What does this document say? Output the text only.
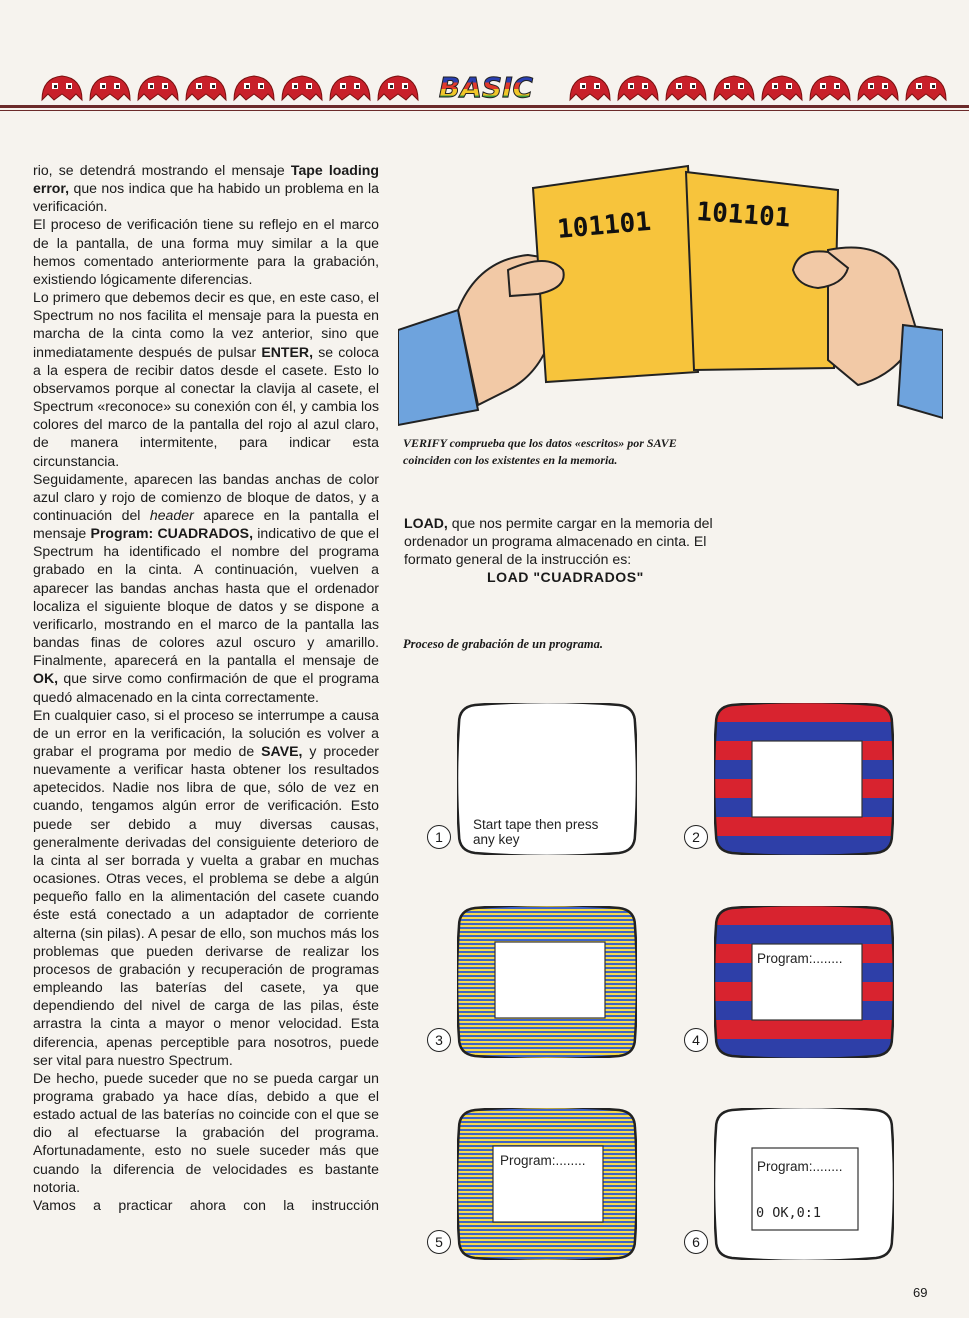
BASIC

rio, se detendrá mostrando el mensaje Tape loading error, que nos indica que ha habido un problema en la verificación.

El proceso de verificación tiene su reflejo en el marco de la pantalla, de una forma muy similar a la que hemos comentado anteriormente para la grabación, existiendo lógicamente diferencias.

Lo primero que debemos decir es que, en este caso, el Spectrum no nos facilita el mensaje para la puesta en marcha de la cinta como la vez anterior, sino que inmediatamente después de pulsar ENTER, se coloca a la espera de recibir datos desde el casete. Esto lo observamos porque al conectar la clavija al casete, el Spectrum «reconoce» su conexión con él, y cambia los colores del marco de la pantalla del rojo al azul claro, de manera intermitente, para indicar esta circunstancia.

Seguidamente, aparecen las bandas anchas de color azul claro y rojo de comienzo de bloque de datos, y a continuación del header aparece en la pantalla el mensaje Program: CUADRADOS, indicativo de que el Spectrum ha identificado el nombre del programa grabado en la cinta. A continuación, vuelven a aparecer las bandas anchas hasta que el ordenador localiza el siguiente bloque de datos y se dispone a verificarlo, mostrando en el marco de la pantalla las bandas finas de colores azul oscuro y amarillo. Finalmente, aparecerá en la pantalla el mensaje de OK, que sirve como confirmación de que el programa quedó almacenado en la cinta correctamente.

En cualquier caso, si el proceso se interrumpe a causa de un error en la verificación, la solución es volver a grabar el programa por medio de SAVE, y proceder nuevamente a verificar hasta obtener los resultados apetecidos. Nadie nos libra de que, sólo de vez en cuando, tengamos algún error de verificación. Esto puede ser debido a muy diversas causas, generalmente derivadas del consiguiente deterioro de la cinta al ser borrada y vuelta a grabar en muchas ocasiones. Otras veces, el problema se debe a algún pequeño fallo en la alimentación del casete cuando éste está conectado a un adaptador de corriente alterna (sin pilas). A pesar de ello, son muchos más los problemas que pueden derivarse de realizar los procesos de grabación y recuperación de programas empleando las baterías del casete, ya que dependiendo del nivel de carga de las pilas, éste arrastra la cinta a mayor o menor velocidad. Esta diferencia, apenas perceptible para nosotros, puede ser vital para nuestro Spectrum.

De hecho, puede suceder que no se pueda cargar un programa grabado ya hace días, debido a que el estado actual de las baterías no coincide con el que se dio al efectuarse la grabación del programa. Afortunadamente, esto no suele suceder más que cuando la diferencia de velocidades es bastante notoria.

Vamos a practicar ahora con la instrucción

101101 101101
VERIFY comprueba que los datos «escritos» por SAVE
coinciden con los existentes en la memoria.
LOAD, que nos permite cargar en la memoria del ordenador un programa almacenado en cinta. El formato general de la instrucción es:
LOAD "CUADRADOS"
Proceso de grabación de un programa.
1
Start tape then press
any key	2
3	4
Program:........
5
Program:........
6
Program:........
0 OK,0:1
69
